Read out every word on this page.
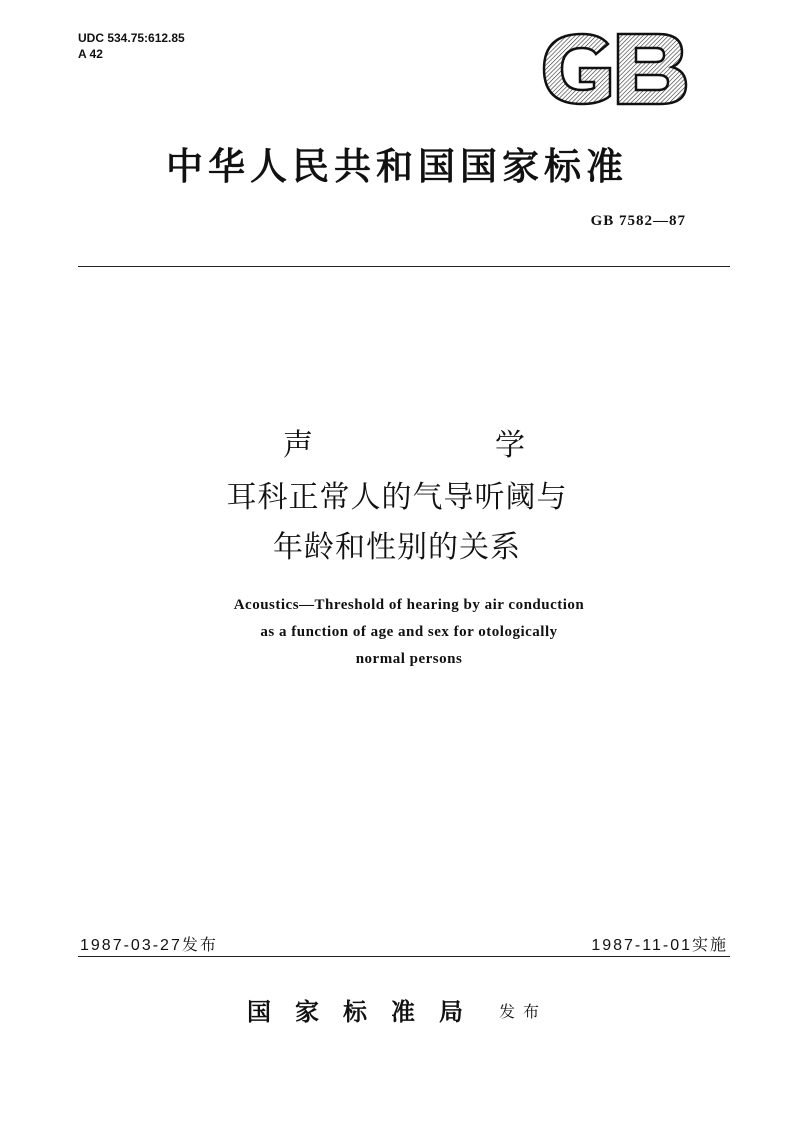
UDC 534.75:612.85
A 42
中华人民共和国国家标准
GB 7582—87
声	学
耳科正常人的气导听阈与
年龄和性别的关系
Acoustics—Threshold of hearing by air conduction
as a function of age and sex for otologically
normal persons
1987-03-27发布	1987-11-01实施
国家标准局 发布
